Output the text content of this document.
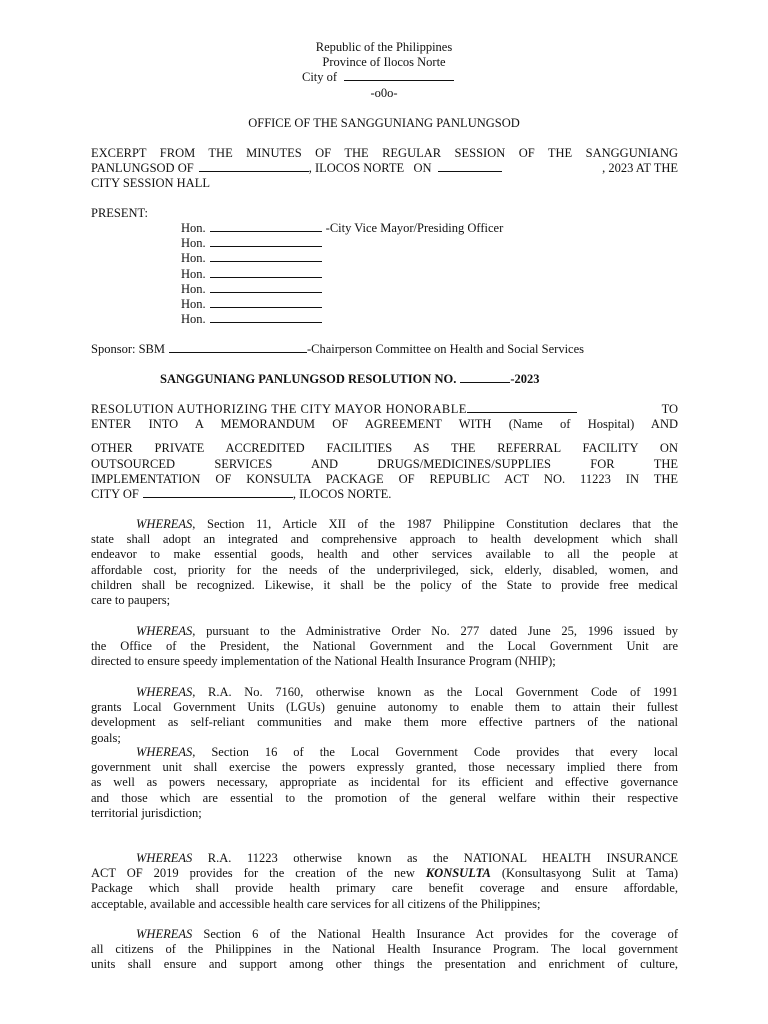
Republic of the Philippines
Province of Ilocos Norte
City of
-o0o-
OFFICE OF THE SANGGUNIANG PANLUNGSOD
EXCERPT FROM THE MINUTES OF THE REGULAR SESSION OF THE SANGGUNIANG
PANLUNGSOD OF	, ILOCOS NORTE   ON	, 2023 AT THE
CITY SESSION HALL
PRESENT:
Hon.	-City Vice Mayor/Presiding Officer
Hon.
Hon.
Hon.
Hon.
Hon.
Hon.
Sponsor: SBM	-Chairperson Committee on Health and Social Services
SANGGUNIANG PANLUNGSOD RESOLUTION NO.	-2023
RESOLUTION AUTHORIZING THE CITY MAYOR HONORABLE	TO
ENTER INTO A MEMORANDUM OF AGREEMENT WITH (Name of Hospital) AND
OTHER PRIVATE ACCREDITED FACILITIES AS THE REFERRAL FACILITY ON
OUTSOURCED SERVICES AND DRUGS/MEDICINES/SUPPLIES FOR THE
IMPLEMENTATION OF KONSULTA PACKAGE OF REPUBLIC ACT NO. 11223 IN THE
CITY OF	, ILOCOS NORTE.
WHEREAS, Section 11, Article XII of the 1987 Philippine Constitution declares that the
state shall adopt an integrated and comprehensive approach to health development which shall
endeavor to make essential goods, health and other services available to all the people at
affordable cost, priority for the needs of the underprivileged, sick, elderly, disabled, women, and
children shall be recognized. Likewise, it shall be the policy of the State to provide free medical
care to paupers;
WHEREAS, pursuant to the Administrative Order No. 277 dated June 25, 1996 issued by
the Office of the President, the National Government and the Local Government Unit are
directed to ensure speedy implementation of the National Health Insurance Program (NHIP);
WHEREAS, R.A. No. 7160, otherwise known as the Local Government Code of 1991
grants Local Government Units (LGUs) genuine autonomy to enable them to attain their fullest
development as self-reliant communities and make them more effective partners of the national
goals;
WHEREAS, Section 16 of the Local Government Code provides that every local
government unit shall exercise the powers expressly granted, those necessary implied there from
as well as powers necessary, appropriate as incidental for its efficient and effective governance
and those which are essential to the promotion of the general welfare within their respective
territorial jurisdiction;
WHEREAS R.A. 11223 otherwise known as the NATIONAL HEALTH INSURANCE
ACT OF 2019 provides for the creation of the new KONSULTA (Konsultasyong Sulit at Tama)
Package which shall provide health primary care benefit coverage and ensure affordable,
acceptable, available and accessible health care services for all citizens of the Philippines;
WHEREAS Section 6 of the National Health Insurance Act provides for the coverage of
all citizens of the Philippines in the National Health Insurance Program. The local government
units shall ensure and support among other things the presentation and enrichment of culture,
